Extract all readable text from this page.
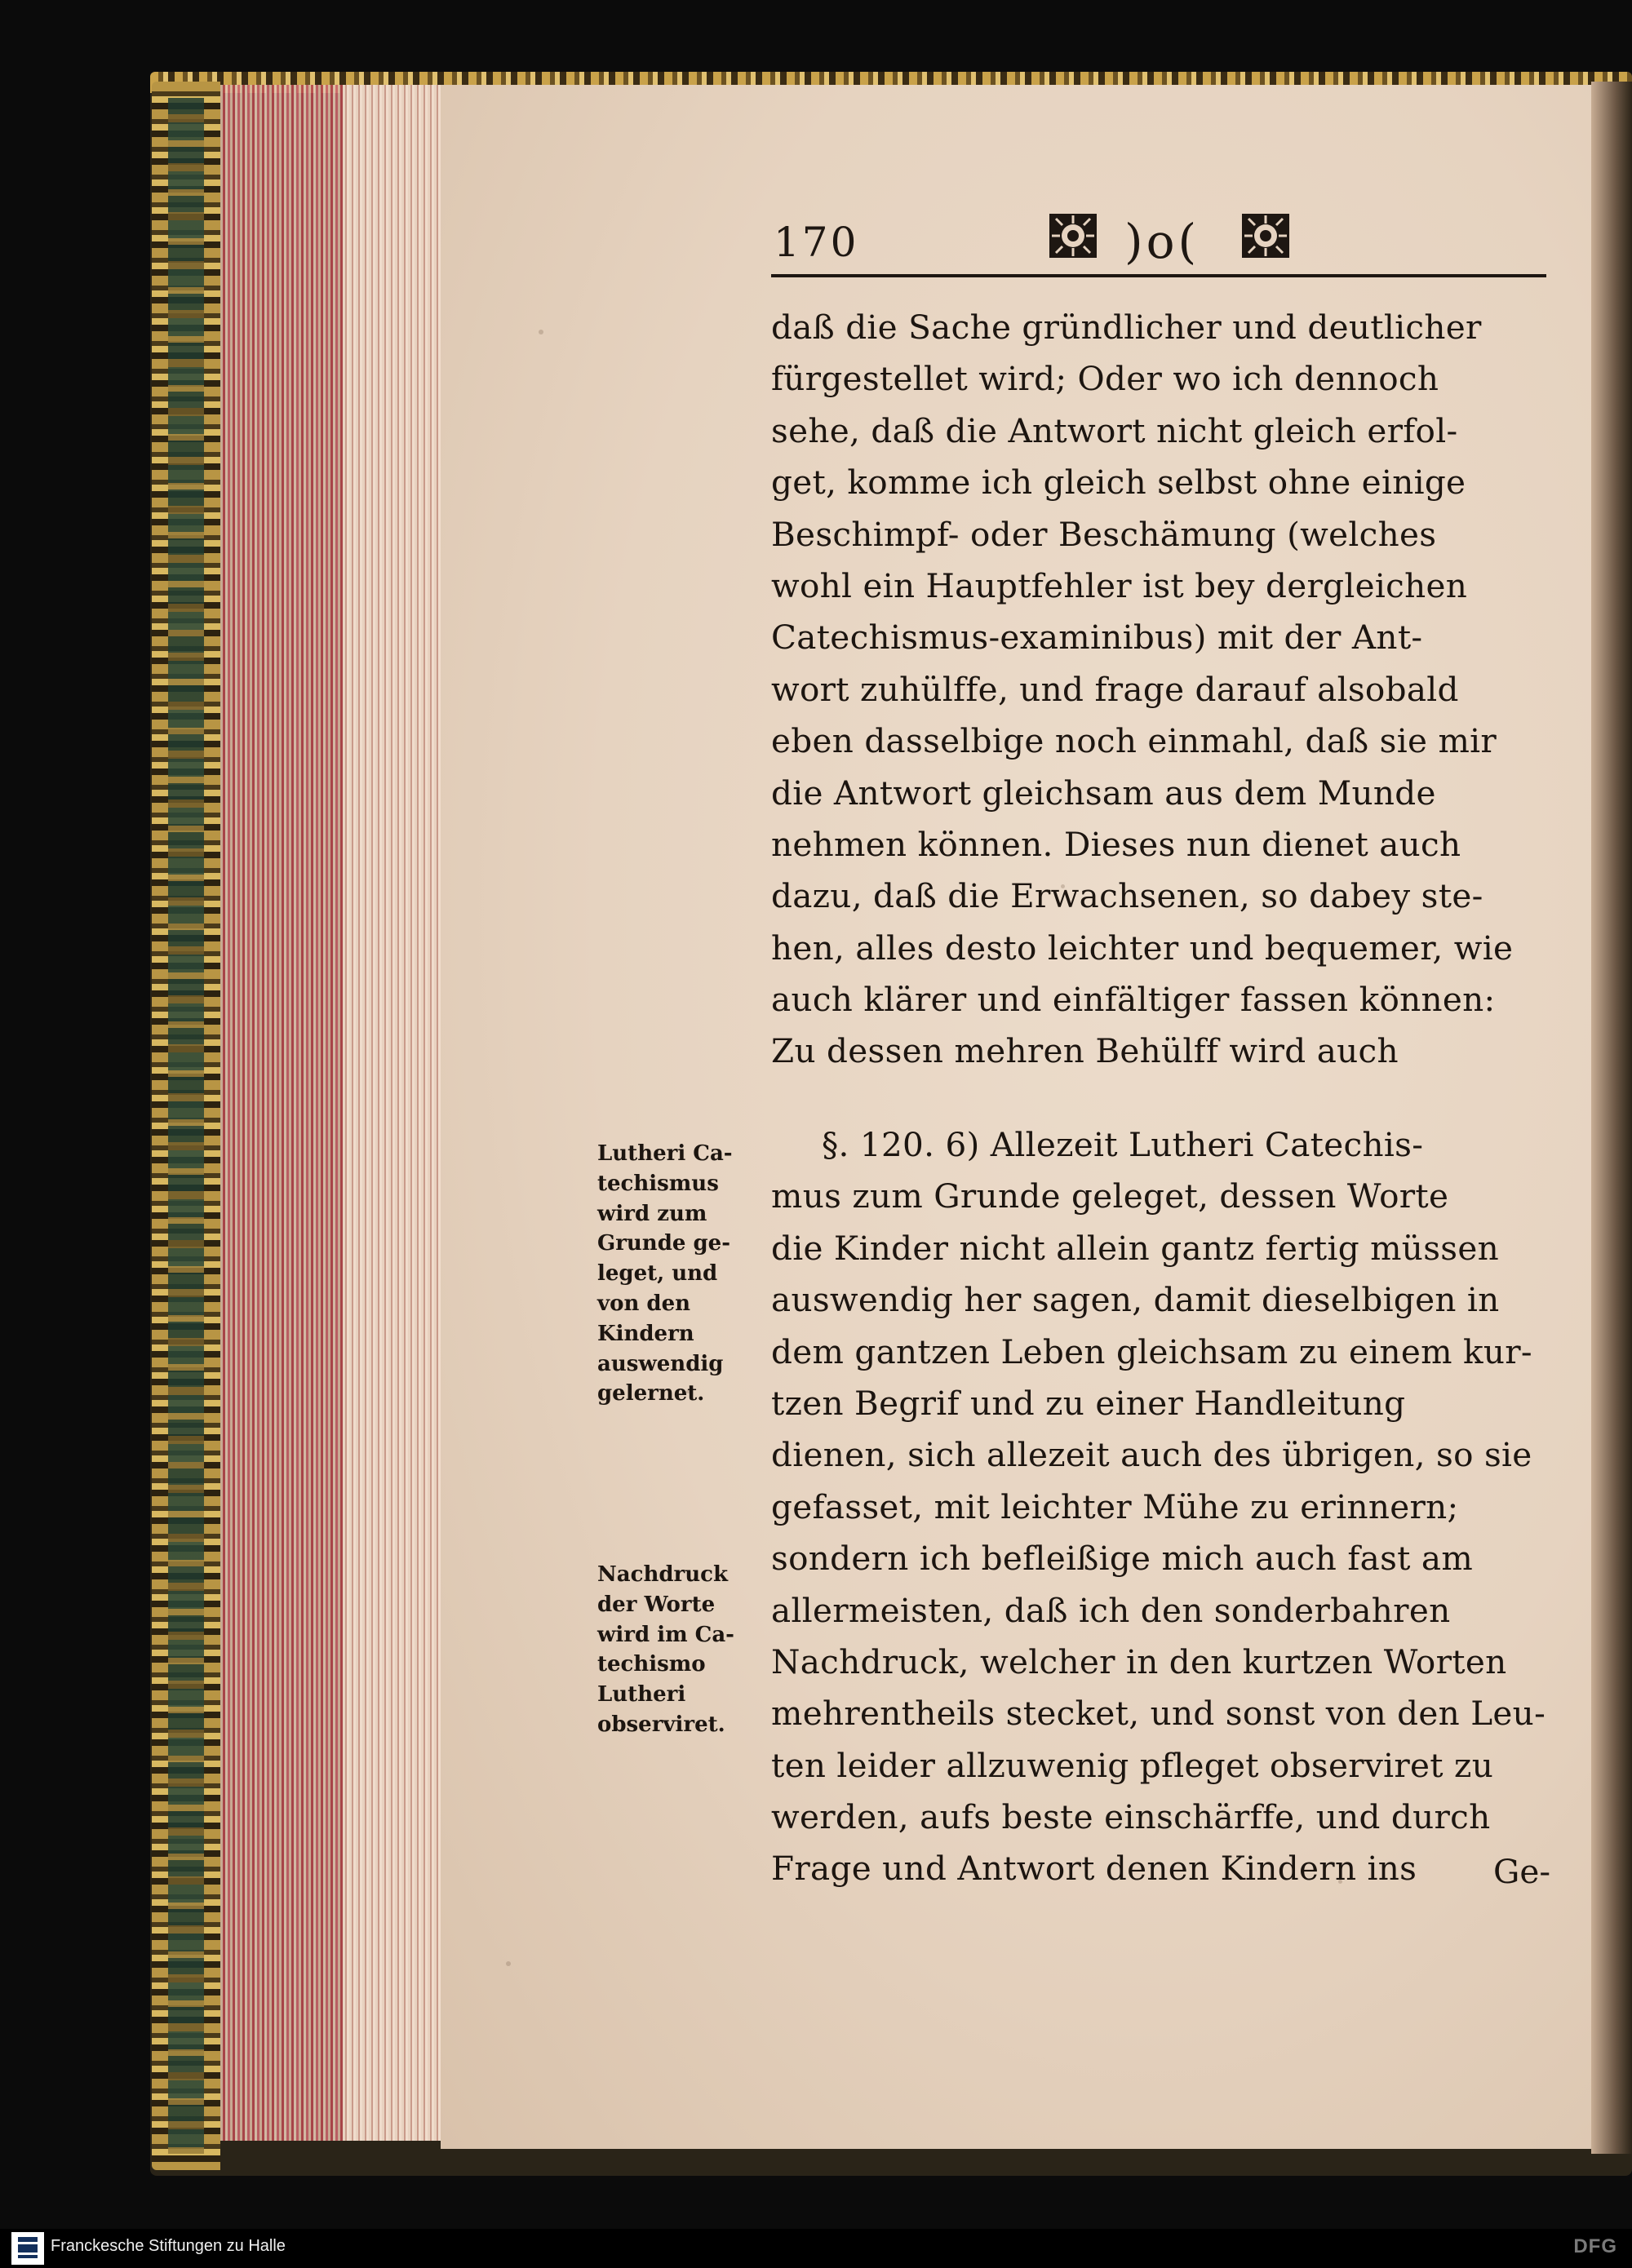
170	)o(
daß die Sache gründlicher und deutlicher
fürgestellet wird; Oder wo ich dennoch
sehe, daß die Antwort nicht gleich erfol-
get, komme ich gleich selbst ohne einige
Beschimpf- oder Beschämung (welches
wohl ein Hauptfehler ist bey dergleichen
Catechismus-examinibus) mit der Ant-
wort zuhülffe, und frage darauf alsobald
eben dasselbige noch einmahl, daß sie mir
die Antwort gleichsam aus dem Munde
nehmen können. Dieses nun dienet auch
dazu, daß die Erwachsenen, so dabey ste-
hen, alles desto leichter und bequemer, wie
auch klärer und einfältiger fassen können:
Zu dessen mehren Behülff wird auch
§. 120. 6) Allezeit Lutheri Catechis-
mus zum Grunde geleget, dessen Worte
die Kinder nicht allein gantz fertig müssen
auswendig her sagen, damit dieselbigen in
dem gantzen Leben gleichsam zu einem kur-
tzen Begrif und zu einer Handleitung
dienen, sich allezeit auch des übrigen, so sie
gefasset, mit leichter Mühe zu erinnern;
sondern ich befleißige mich auch fast am
allermeisten, daß ich den sonderbahren
Nachdruck, welcher in den kurtzen Worten
mehrentheils stecket, und sonst von den Leu-
ten leider allzuwenig pfleget observiret zu
werden, aufs beste einschärffe, und durch
Frage und Antwort denen Kindern ins	Ge-
Lutheri Ca-
techismus
wird zum
Grunde ge-
leget, und
von den
Kindern
auswendig
gelernet.
Nachdruck
der Worte
wird im Ca-
techismo
Lutheri
observiret.
Franckesche Stiftungen zu Halle	DFG
